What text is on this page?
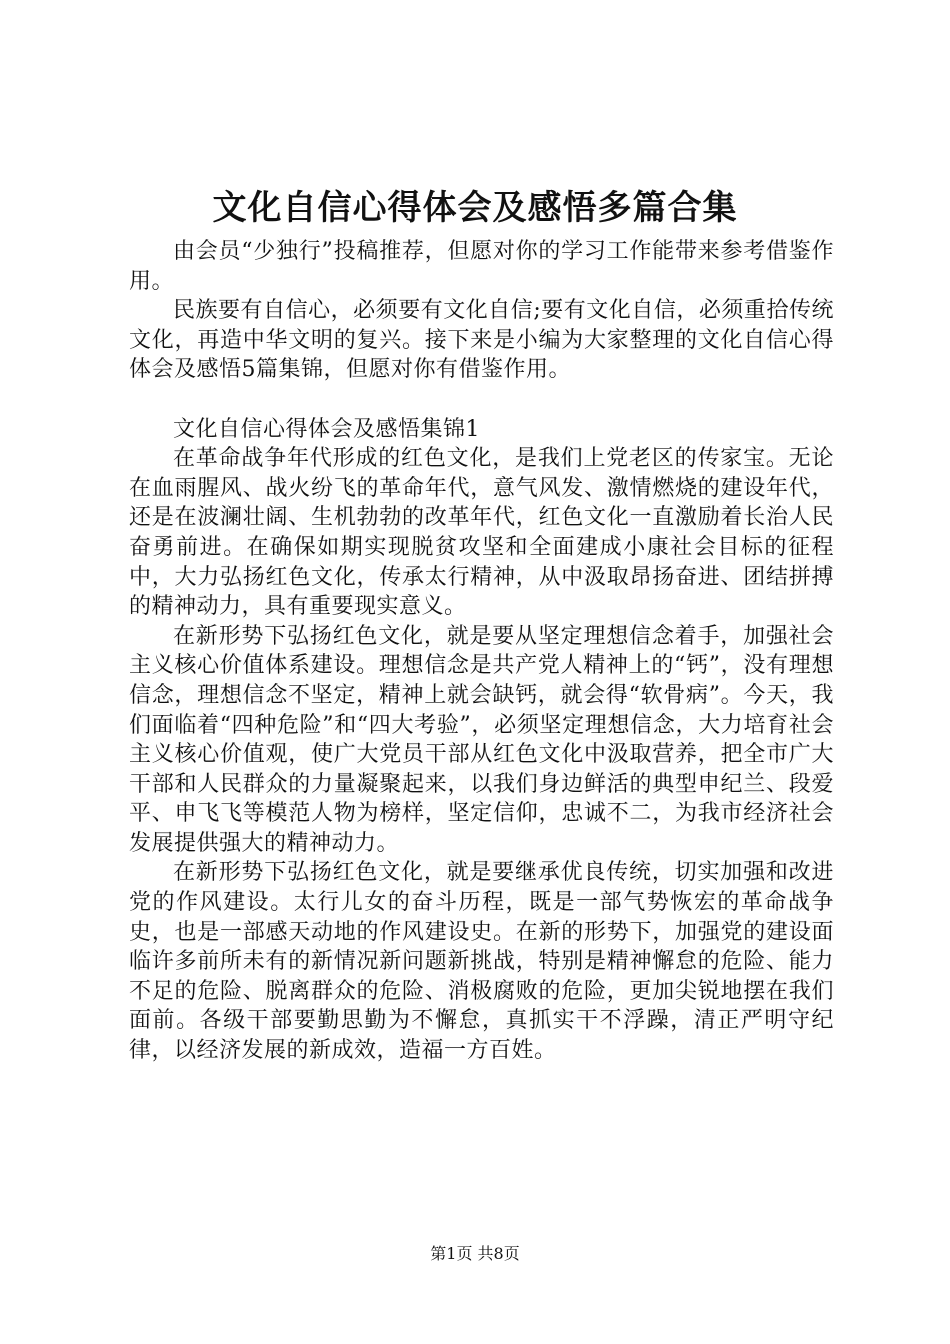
文化自信心得体会及感悟多篇合集

由会员“少独行”投稿推荐，但愿对你的学习工作能带来参考借鉴作用。

民族要有自信心，必须要有文化自信;要有文化自信，必须重拾传统文化，再造中华文明的复兴。接下来是小编为大家整理的文化自信心得体会及感悟5篇集锦，但愿对你有借鉴作用。

文化自信心得体会及感悟集锦1

在革命战争年代形成的红色文化，是我们上党老区的传家宝。无论在血雨腥风、战火纷飞的革命年代，意气风发、激情燃烧的建设年代，还是在波澜壮阔、生机勃勃的改革年代，红色文化一直激励着长治人民奋勇前进。在确保如期实现脱贫攻坚和全面建成小康社会目标的征程中，大力弘扬红色文化，传承太行精神，从中汲取昂扬奋进、团结拼搏的精神动力，具有重要现实意义。

在新形势下弘扬红色文化，就是要从坚定理想信念着手，加强社会主义核心价值体系建设。理想信念是共产党人精神上的“钙”，没有理想信念，理想信念不坚定，精神上就会缺钙，就会得“软骨病”。今天，我们面临着“四种危险”和“四大考验”，必须坚定理想信念，大力培育社会主义核心价值观，使广大党员干部从红色文化中汲取营养，把全市广大干部和人民群众的力量凝聚起来，以我们身边鲜活的典型申纪兰、段爱平、申飞飞等模范人物为榜样，坚定信仰，忠诚不二，为我市经济社会发展提供强大的精神动力。

在新形势下弘扬红色文化，就是要继承优良传统，切实加强和改进党的作风建设。太行儿女的奋斗历程，既是一部气势恢宏的革命战争史，也是一部感天动地的作风建设史。在新的形势下，加强党的建设面临许多前所未有的新情况新问题新挑战，特别是精神懈怠的危险、能力不足的危险、脱离群众的危险、消极腐败的危险，更加尖锐地摆在我们面前。各级干部要勤思勤为不懈怠，真抓实干不浮躁，清正严明守纪律，以经济发展的新成效，造福一方百姓。

第1页 共8页
